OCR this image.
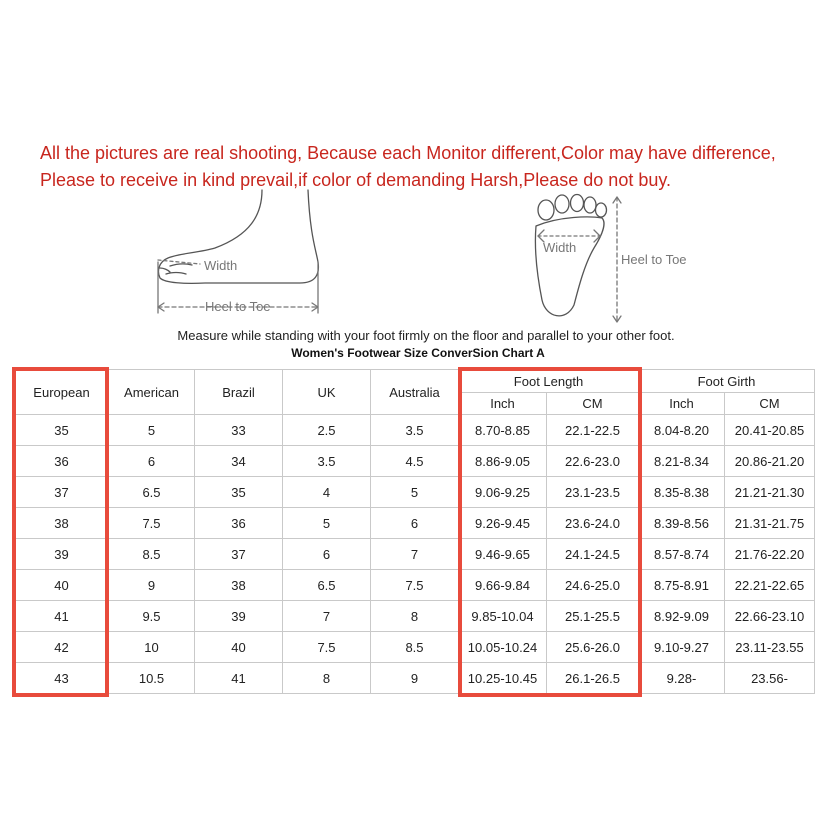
All the pictures are real shooting, Because each Monitor different,Color may have difference,
Please to receive in kind prevail,if color of demanding Harsh,Please do not buy.
Width
Heel to Toe
Width
Heel to Toe
Measure while standing with your foot firmly on the floor and parallel to your other foot.
Women's Footwear Size ConverSion Chart A
European	American	Brazil	UK	Australia	Foot Length		Foot Girth	
					Inch	CM	Inch	CM
35	5	33	2.5	3.5	8.70-8.85	22.1-22.5	8.04-8.20	20.41-20.85
36	6	34	3.5	4.5	8.86-9.05	22.6-23.0	8.21-8.34	20.86-21.20
37	6.5	35	4	5	9.06-9.25	23.1-23.5	8.35-8.38	21.21-21.30
38	7.5	36	5	6	9.26-9.45	23.6-24.0	8.39-8.56	21.31-21.75
39	8.5	37	6	7	9.46-9.65	24.1-24.5	8.57-8.74	21.76-22.20
40	9	38	6.5	7.5	9.66-9.84	24.6-25.0	8.75-8.91	22.21-22.65
41	9.5	39	7	8	9.85-10.04	25.1-25.5	8.92-9.09	22.66-23.10
42	10	40	7.5	8.5	10.05-10.24	25.6-26.0	9.10-9.27	23.11-23.55
43	10.5	41	8	9	10.25-10.45	26.1-26.5	9.28-	23.56-
